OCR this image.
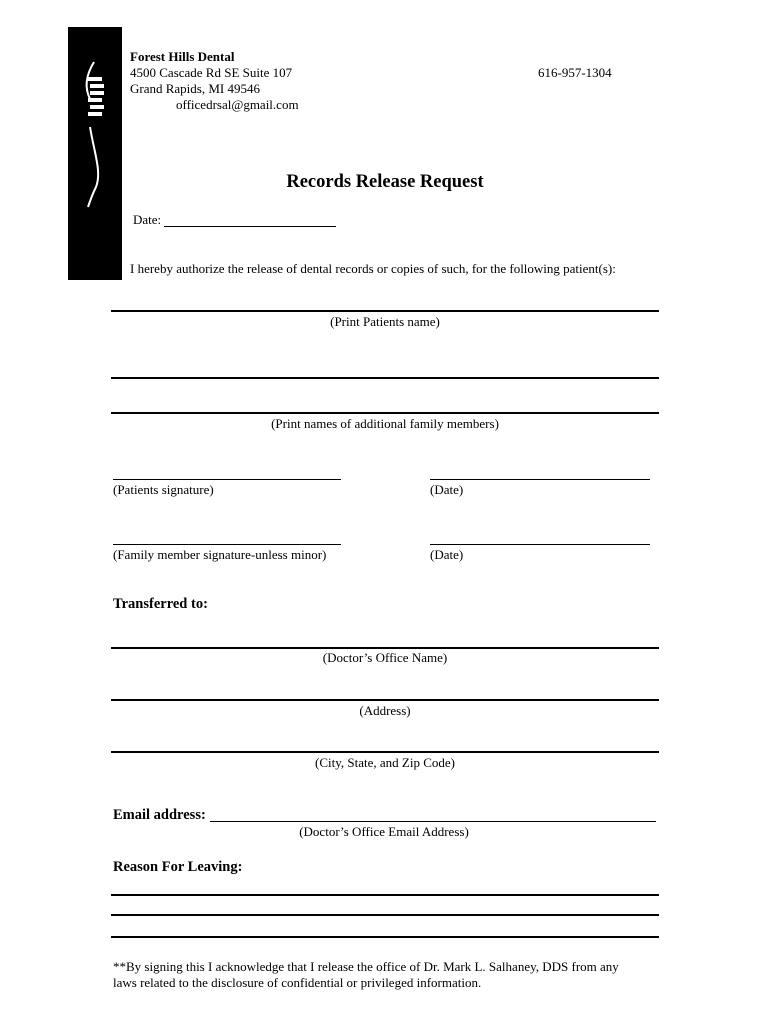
Forest Hills Dental
4500 Cascade Rd SE Suite 107
Grand Rapids, MI 49546
officedrsal@gmail.com
616-957-1304
Records Release Request
Date:
I hereby authorize the release of dental records or copies of such, for the following patient(s):
(Print Patients name)
(Print names of additional family members)
(Patients signature)	(Date)
(Family member signature-unless minor)	(Date)
Transferred to:
(Doctor’s Office Name)
(Address)
(City, State, and Zip Code)
Email address:
(Doctor’s Office Email Address)
Reason For Leaving:
**By signing this I acknowledge that I release the office of Dr. Mark L. Salhaney, DDS from any
laws related to the disclosure of confidential or privileged information.
